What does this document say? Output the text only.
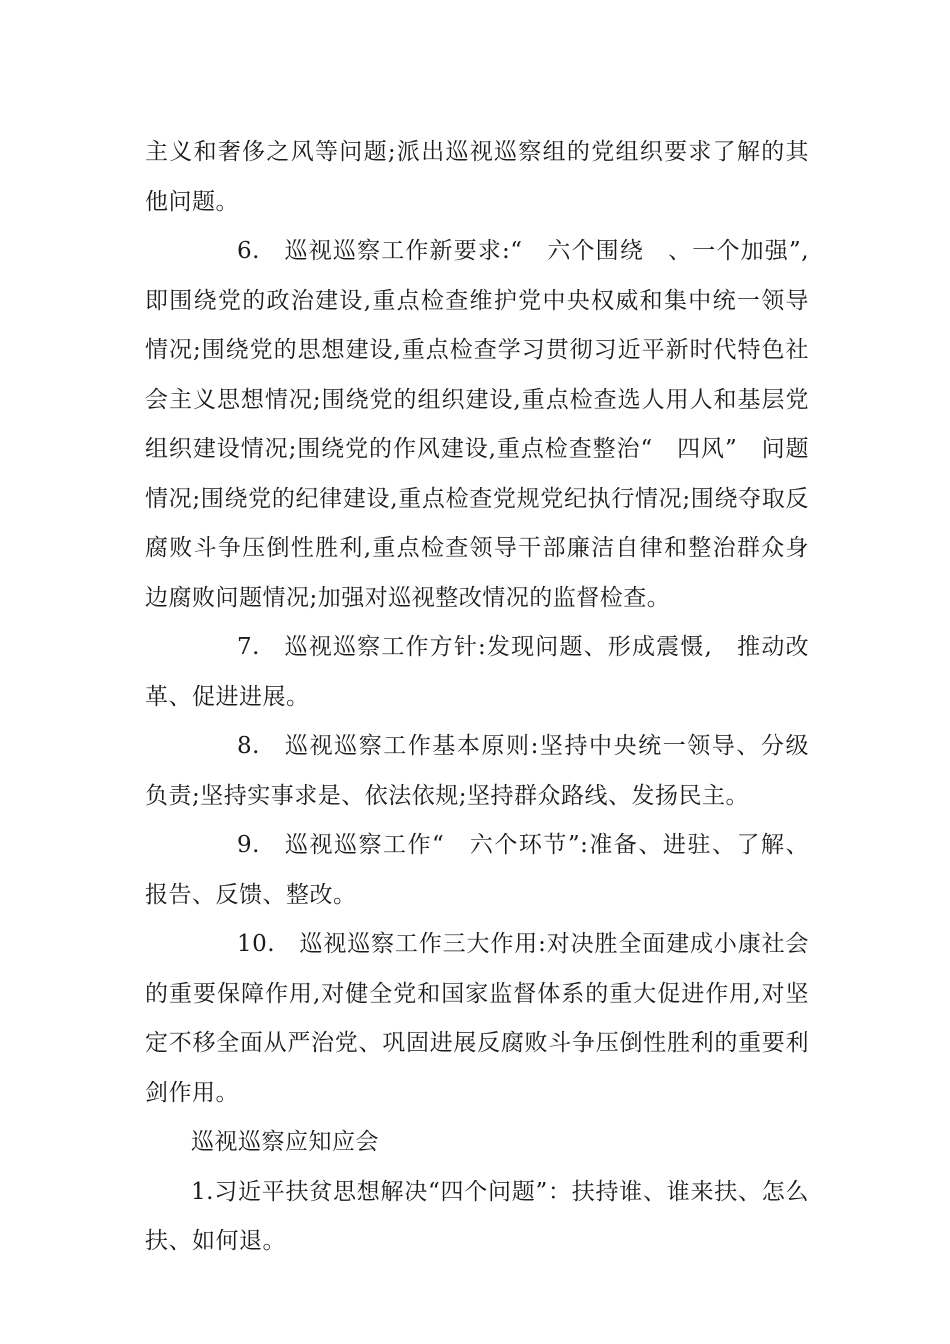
主义和奢侈之风等问题;派出巡视巡察组的党组织要求了解的其他问题。

6. 巡视巡察工作新要求:“　六个围绕　、一个加强”,即围绕党的政治建设,重点检查维护党中央权威和集中统一领导情况;围绕党的思想建设,重点检查学习贯彻习近平新时代特色社会主义思想情况;围绕党的组织建设,重点检查选人用人和基层党组织建设情况;围绕党的作风建设,重点检查整治“　四风”　问题情况;围绕党的纪律建设,重点检查党规党纪执行情况;围绕夺取反腐败斗争压倒性胜利,重点检查领导干部廉洁自律和整治群众身边腐败问题情况;加强对巡视整改情况的监督检查。

7. 巡视巡察工作方针:发现问题、形成震慑,　推动改革、促进进展。

8. 巡视巡察工作基本原则:坚持中央统一领导、分级负责;坚持实事求是、依法依规;坚持群众路线、发扬民主。

9. 巡视巡察工作“　六个环节”:准备、进驻、了解、报告、反馈、整改。

10. 巡视巡察工作三大作用:对决胜全面建成小康社会的重要保障作用,对健全党和国家监督体系的重大促进作用,对坚定不移全面从严治党、巩固进展反腐败斗争压倒性胜利的重要利剑作用。

巡视巡察应知应会

1.习近平扶贫思想解决“四个问题”：扶持谁、谁来扶、怎么扶、如何退。
